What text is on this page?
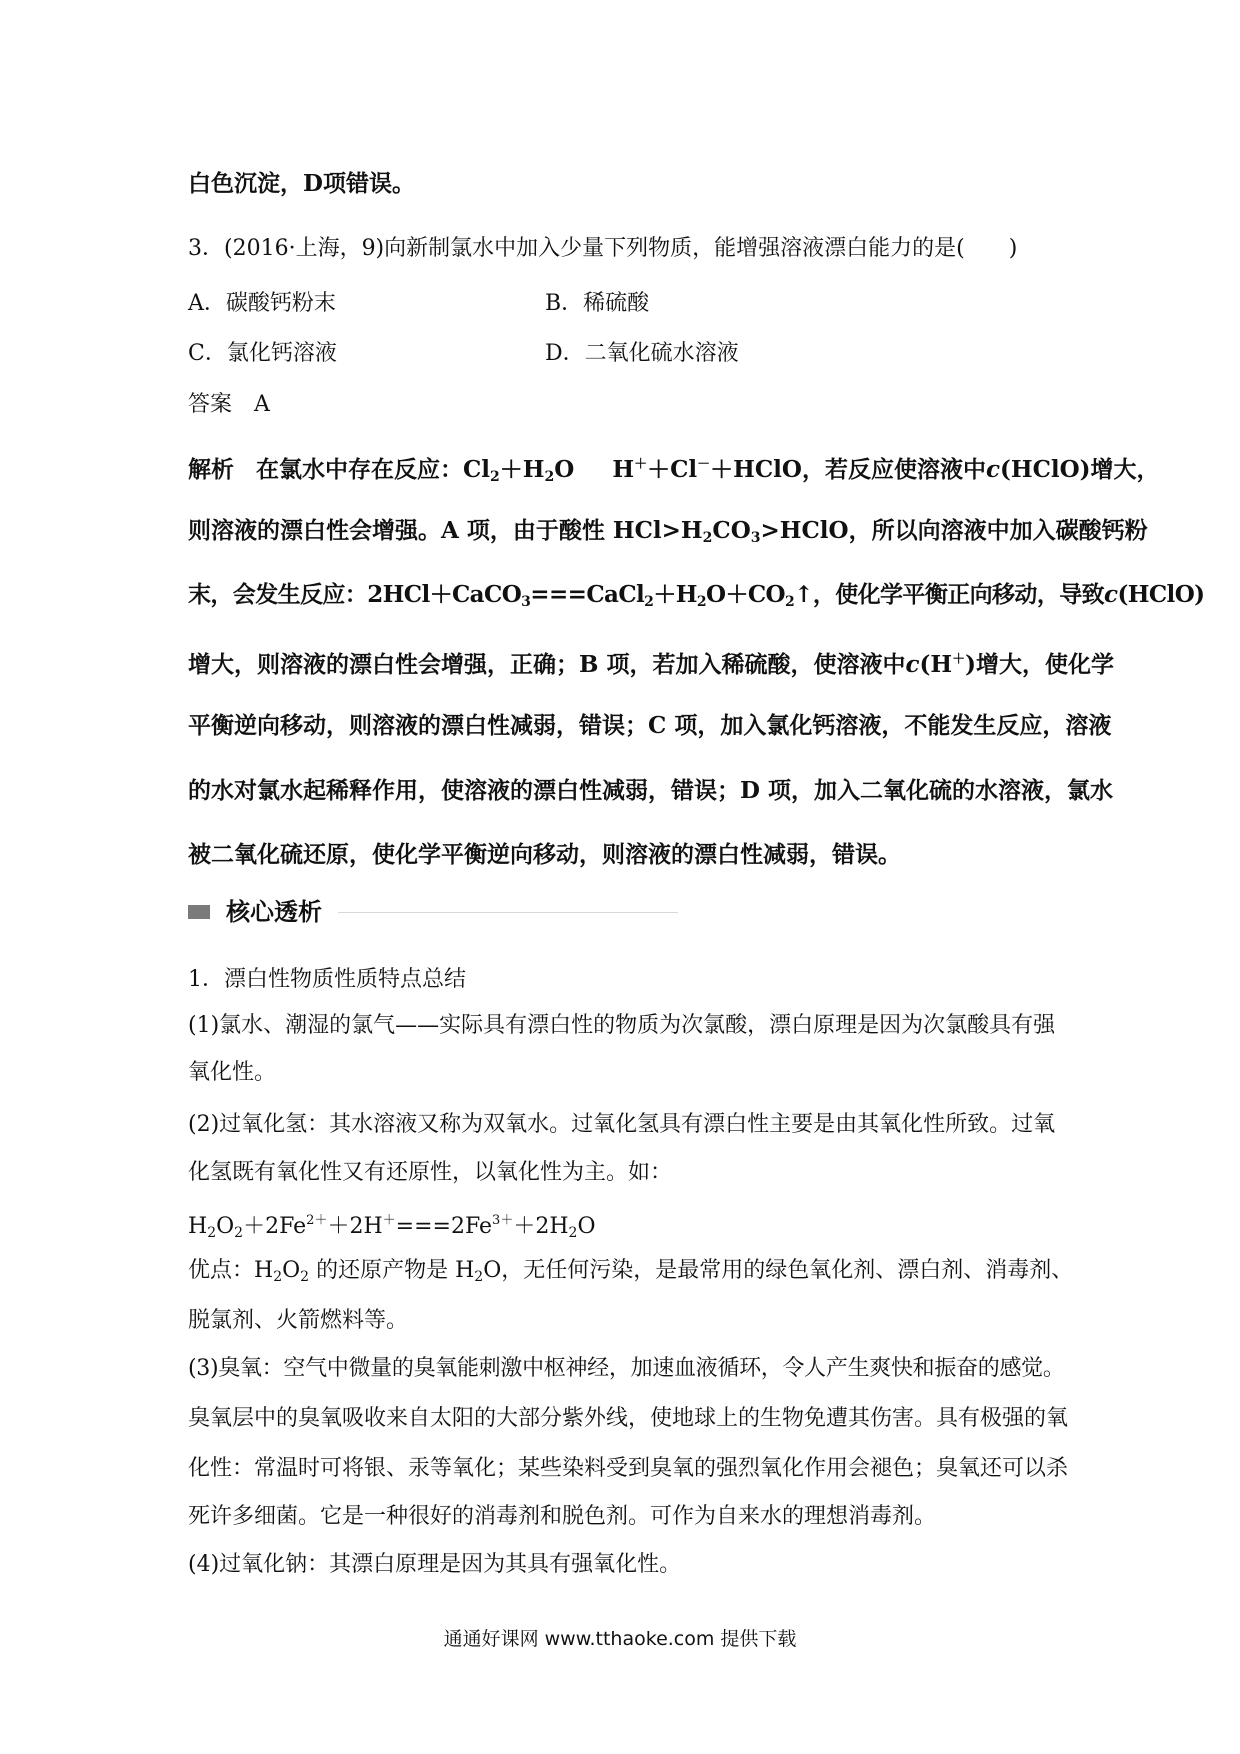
白色沉淀，D项错误。
3．(2016·上海，9)向新制氯水中加入少量下列物质，能增强溶液漂白能力的是(　　)
A．碳酸钙粉末	B．稀硫酸
C．氯化钙溶液	D．二氧化硫水溶液
答案 A
解析 在氯水中存在反应：$Cl_2+H_2O$ H＋＋Cl－＋HClO，若反应使溶液中c(HClO)增大，
则溶液的漂白性会增强。A 项，由于酸性 $HCl>H_2CO_3>HClO$，所以向溶液中加入碳酸钙粉
末，会发生反应：$2HCl+CaCO_3===CaCl_2+H_2O+CO_2↑$，使化学平衡正向移动，导致c(HClO)
增大，则溶液的漂白性会增强，正确；B 项，若加入稀硫酸，使溶液中c(H＋)增大，使化学
平衡逆向移动，则溶液的漂白性减弱，错误；C 项，加入氯化钙溶液，不能发生反应，溶液
的水对氯水起稀释作用，使溶液的漂白性减弱，错误；D 项，加入二氧化硫的水溶液，氯水
被二氧化硫还原，使化学平衡逆向移动，则溶液的漂白性减弱，错误。
核心透析
1．漂白性物质性质特点总结
(1)氯水、潮湿的氯气——实际具有漂白性的物质为次氯酸，漂白原理是因为次氯酸具有强
氧化性。
(2)过氧化氢：其水溶液又称为双氧水。过氧化氢具有漂白性主要是由其氧化性所致。过氧
化氢既有氧化性又有还原性，以氧化性为主。如：
$H_2O_2+2Fe^{2+}+2H^+===2Fe^{3+}+2H_2O$
优点：$H_2O_2$ 的还原产物是 $H_2O$，无任何污染，是最常用的绿色氧化剂、漂白剂、消毒剂、
脱氯剂、火箭燃料等。
(3)臭氧：空气中微量的臭氧能刺激中枢神经，加速血液循环，令人产生爽快和振奋的感觉。
臭氧层中的臭氧吸收来自太阳的大部分紫外线，使地球上的生物免遭其伤害。具有极强的氧
化性：常温时可将银、汞等氧化；某些染料受到臭氧的强烈氧化作用会褪色；臭氧还可以杀
死许多细菌。它是一种很好的消毒剂和脱色剂。可作为自来水的理想消毒剂。
(4)过氧化钠：其漂白原理是因为其具有强氧化性。
通通好课网 www.tthaoke.com 提供下载
